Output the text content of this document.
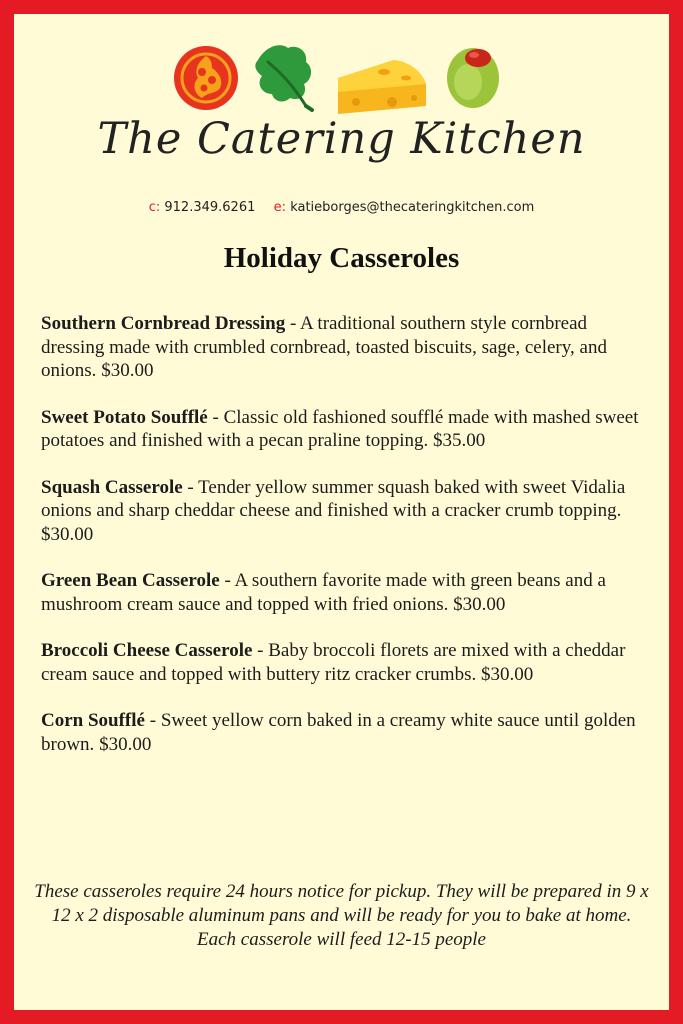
The Catering Kitchen
c: 912.349.6261 e: katieborges@thecateringkitchen.com
Holiday Casseroles
Southern Cornbread Dressing - A traditional southern style cornbread dressing made with crumbled cornbread, toasted biscuits, sage, celery, and onions. $30.00
Sweet Potato Soufflé - Classic old fashioned soufflé made with mashed sweet potatoes and finished with a pecan praline topping. $35.00
Squash Casserole - Tender yellow summer squash baked with sweet Vidalia onions and sharp cheddar cheese and finished with a cracker crumb topping. $30.00
Green Bean Casserole - A southern favorite made with green beans and a mushroom cream sauce and topped with fried onions. $30.00
Broccoli Cheese Casserole - Baby broccoli florets are mixed with a cheddar cream sauce and topped with buttery ritz cracker crumbs. $30.00
Corn Soufflé - Sweet yellow corn baked in a creamy white sauce until golden brown. $30.00
These casseroles require 24 hours notice for pickup. They will be prepared in 9 x 12 x 2 disposable aluminum pans and will be ready for you to bake at home. Each casserole will feed 12-15 people
